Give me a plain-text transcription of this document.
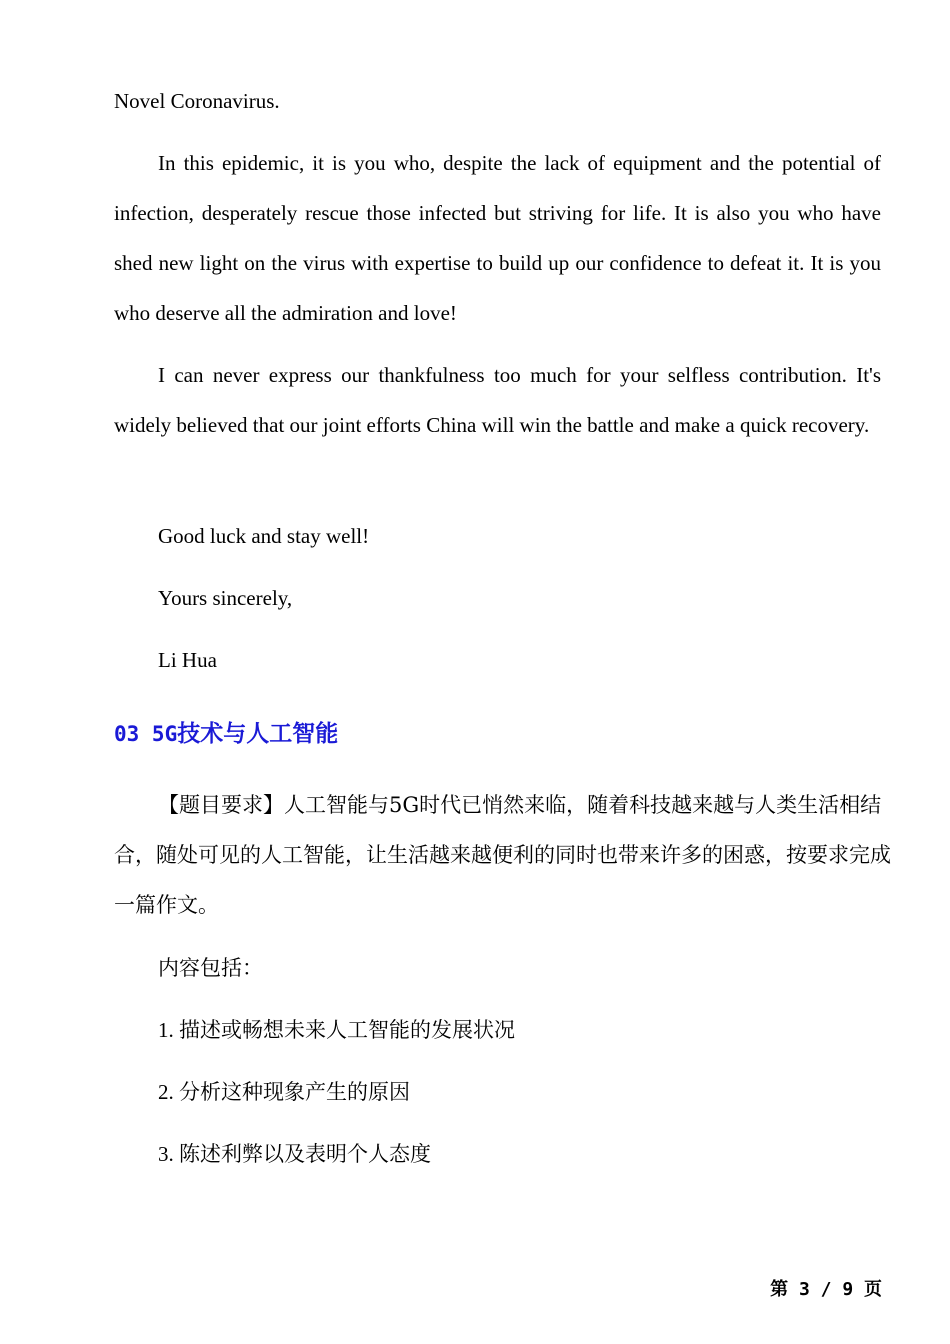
Novel Coronavirus.

In this epidemic, it is you who, despite the lack of equipment and the potential of infection, desperately rescue those infected but striving for life. It is also you who have shed new light on the virus with expertise to build up our confidence to defeat it. It is you who deserve all the admiration and love!

I can never express our thankfulness too much for your selfless contribution. It's widely believed that our joint efforts China will win the battle and make a quick recovery.

Good luck and stay well!

Yours sincerely,

Li Hua

03 5G技术与人工智能

【题目要求】人工智能与5G时代已悄然来临，随着科技越来越与人类生活相结合，随处可见的人工智能，让生活越来越便利的同时也带来许多的困惑，按要求完成一篇作文。

内容包括：

1. 描述或畅想未来人工智能的发展状况

2. 分析这种现象产生的原因

3. 陈述利弊以及表明个人态度

第 3 / 9 页
